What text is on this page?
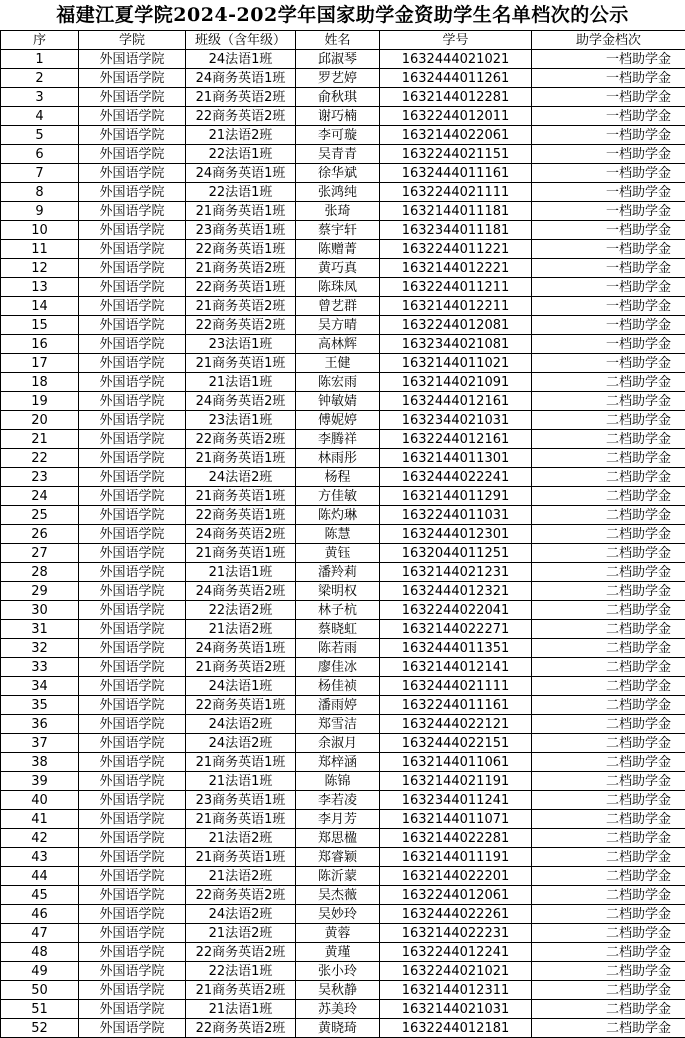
福建江夏学院2024-202学年国家助学金资助学生名单档次的公示
序	学院	班级（含年级）	姓名	学号	助学金档次
1	外国语学院	24法语1班	邱淑琴	1632444021021	一档助学金
2	外国语学院	24商务英语1班	罗艺婷	1632444011261	一档助学金
3	外国语学院	21商务英语2班	俞秋琪	1632144012281	一档助学金
4	外国语学院	22商务英语2班	谢巧楠	1632244012011	一档助学金
5	外国语学院	21法语2班	李可璇	1632144022061	一档助学金
6	外国语学院	22法语1班	吴青青	1632244021151	一档助学金
7	外国语学院	24商务英语1班	徐华斌	1632444011161	一档助学金
8	外国语学院	22法语1班	张鸿纯	1632244021111	一档助学金
9	外国语学院	21商务英语1班	张琦	1632144011181	一档助学金
10	外国语学院	23商务英语1班	蔡宇轩	1632344011181	一档助学金
11	外国语学院	22商务英语1班	陈赠菁	1632244011221	一档助学金
12	外国语学院	21商务英语2班	黄巧真	1632144012221	一档助学金
13	外国语学院	22商务英语1班	陈珠凤	1632244011211	一档助学金
14	外国语学院	21商务英语2班	曾艺群	1632144012211	一档助学金
15	外国语学院	22商务英语2班	吴方晴	1632244012081	一档助学金
16	外国语学院	23法语1班	高林辉	1632344021081	一档助学金
17	外国语学院	21商务英语1班	王健	1632144011021	一档助学金
18	外国语学院	21法语1班	陈宏雨	1632144021091	二档助学金
19	外国语学院	24商务英语2班	钟敏婧	1632444012161	二档助学金
20	外国语学院	23法语1班	傅妮婷	1632344021031	二档助学金
21	外国语学院	22商务英语2班	李腾祥	1632244012161	二档助学金
22	外国语学院	21商务英语1班	林雨彤	1632144011301	二档助学金
23	外国语学院	24法语2班	杨程	1632444022241	二档助学金
24	外国语学院	21商务英语1班	方佳敏	1632144011291	二档助学金
25	外国语学院	22商务英语1班	陈灼琳	1632244011031	二档助学金
26	外国语学院	24商务英语2班	陈慧	1632444012301	二档助学金
27	外国语学院	21商务英语1班	黄钰	1632044011251	二档助学金
28	外国语学院	21法语1班	潘羚莉	1632144021231	二档助学金
29	外国语学院	24商务英语2班	梁明权	1632444012321	二档助学金
30	外国语学院	22法语2班	林子杭	1632244022041	二档助学金
31	外国语学院	21法语2班	蔡晓虹	1632144022271	二档助学金
32	外国语学院	24商务英语1班	陈若雨	1632444011351	二档助学金
33	外国语学院	21商务英语2班	廖佳冰	1632144012141	二档助学金
34	外国语学院	24法语1班	杨佳祯	1632444021111	二档助学金
35	外国语学院	22商务英语1班	潘雨婷	1632244011161	二档助学金
36	外国语学院	24法语2班	郑雪洁	1632444022121	二档助学金
37	外国语学院	24法语2班	余淑月	1632444022151	二档助学金
38	外国语学院	21商务英语1班	郑梓涵	1632144011061	二档助学金
39	外国语学院	21法语1班	陈锦	1632144021191	二档助学金
40	外国语学院	23商务英语1班	李若凌	1632344011241	二档助学金
41	外国语学院	21商务英语1班	李月芳	1632144011071	二档助学金
42	外国语学院	21法语2班	郑思楹	1632144022281	二档助学金
43	外国语学院	21商务英语1班	郑睿颖	1632144011191	二档助学金
44	外国语学院	21法语2班	陈沂蒙	1632144022201	二档助学金
45	外国语学院	22商务英语2班	吴杰薇	1632244012061	二档助学金
46	外国语学院	24法语2班	吴妙玲	1632444022261	二档助学金
47	外国语学院	21法语2班	黄蓉	1632144022231	二档助学金
48	外国语学院	22商务英语2班	黄瑾	1632244012241	二档助学金
49	外国语学院	22法语1班	张小玲	1632244021021	二档助学金
50	外国语学院	21商务英语2班	吴秋静	1632144012311	二档助学金
51	外国语学院	21法语1班	苏美玲	1632144021031	二档助学金
52	外国语学院	22商务英语2班	黄晓琦	1632244012181	二档助学金
